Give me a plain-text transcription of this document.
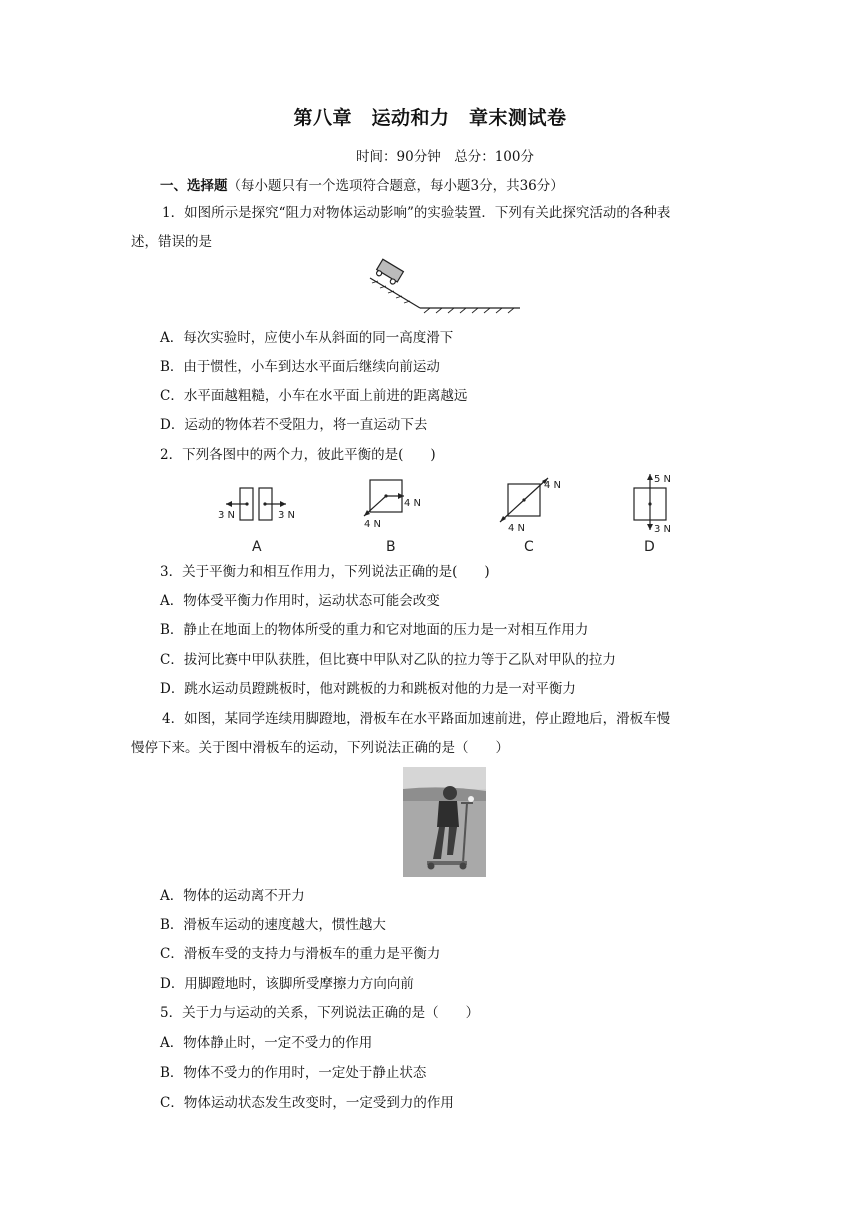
第八章　运动和力　章末测试卷
时间：90分钟　总分：100分
一、选择题（每小题只有一个选项符合题意，每小题3分，共36分）
1．如图所示是探究“阻力对物体运动影响”的实验装置．下列有关此探究活动的各种表
述，错误的是
A．每次实验时，应使小车从斜面的同一高度滑下
B．由于惯性，小车到达水平面后继续向前运动
C．水平面越粗糙，小车在水平面上前进的距离越远
D．运动的物体若不受阻力，将一直运动下去
2．下列各图中的两个力，彼此平衡的是(　　)
3 N	3 N
A
4 N
4 N
B
4 N
4 N
C
5 N
3 N
D
3．关于平衡力和相互作用力，下列说法正确的是(　　)
A．物体受平衡力作用时，运动状态可能会改变
B．静止在地面上的物体所受的重力和它对地面的压力是一对相互作用力
C．拔河比赛中甲队获胜，但比赛中甲队对乙队的拉力等于乙队对甲队的拉力
D．跳水运动员蹬跳板时，他对跳板的力和跳板对他的力是一对平衡力
4．如图，某同学连续用脚蹬地，滑板车在水平路面加速前进，停止蹬地后，滑板车慢
慢停下来。关于图中滑板车的运动，下列说法正确的是（　　）
A．物体的运动离不开力
B．滑板车运动的速度越大，惯性越大
C．滑板车受的支持力与滑板车的重力是平衡力
D．用脚蹬地时，该脚所受摩擦力方向向前
5．关于力与运动的关系，下列说法正确的是（　　）
A．物体静止时，一定不受力的作用
B．物体不受力的作用时，一定处于静止状态
C．物体运动状态发生改变时，一定受到力的作用
